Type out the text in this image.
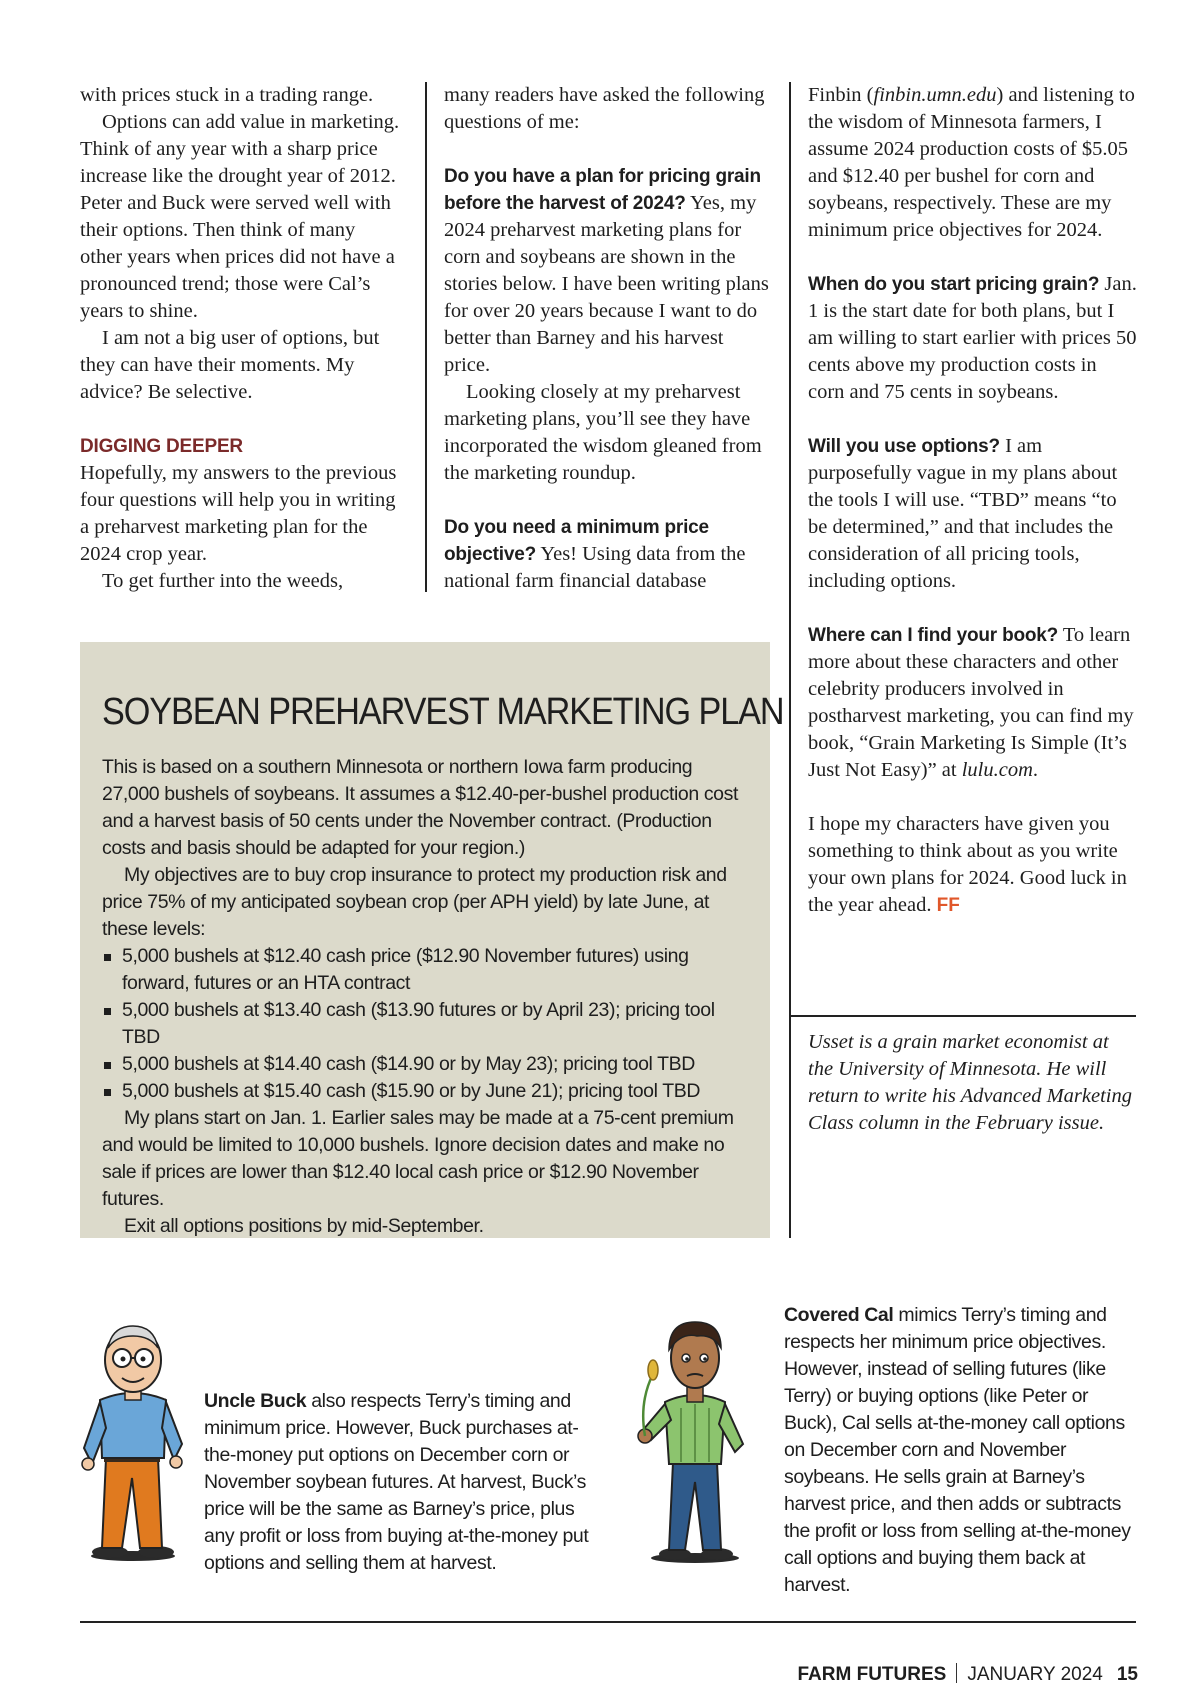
with prices stuck in a trading range.

Options can add value in marketing. Think of any year with a sharp price increase like the drought year of 2012. Peter and Buck were served well with their options. Then think of many other years when prices did not have a pronounced trend; those were Cal’s years to shine.

I am not a big user of options, but they can have their moments. My advice? Be selective.

DIGGING DEEPER

Hopefully, my answers to the previous four questions will help you in writing a preharvest marketing plan for the 2024 crop year.

To get further into the weeds,

many readers have asked the following questions of me:

Do you have a plan for pricing grain before the harvest of 2024? Yes, my 2024 preharvest marketing plans for corn and soybeans are shown in the stories below. I have been writing plans for over 20 years because I want to do better than Barney and his harvest price.

Looking closely at my preharvest marketing plans, you’ll see they have incorporated the wisdom gleaned from the marketing roundup.

Do you need a minimum price objective? Yes! Using data from the national farm financial database

Finbin (finbin.umn.edu) and listening to the wisdom of Minnesota farmers, I assume 2024 production costs of $5.05 and $12.40 per bushel for corn and soybeans, respectively. These are my minimum price objectives for 2024.

When do you start pricing grain? Jan. 1 is the start date for both plans, but I am willing to start earlier with prices 50 cents above my production costs in corn and 75 cents in soybeans.

Will you use options? I am purposefully vague in my plans about the tools I will use. “TBD” means “to be determined,” and that includes the consideration of all pricing tools, including options.

Where can I find your book? To learn more about these characters and other celebrity producers involved in postharvest marketing, you can find my book, “Grain Marketing Is Simple (It’s Just Not Easy)” at lulu.com.

I hope my characters have given you something to think about as you write your own plans for 2024. Good luck in the year ahead. FF

Usset is a grain market economist at the University of Minnesota. He will return to write his Advanced Marketing Class column in the February issue.
SOYBEAN PREHARVEST MARKETING PLAN

This is based on a southern Minnesota or northern Iowa farm producing 27,000 bushels of soybeans. It assumes a $12.40-per-bushel production cost and a harvest basis of 50 cents under the November contract. (Production costs and basis should be adapted for your region.)

My objectives are to buy crop insurance to protect my production risk and price 75% of my anticipated soybean crop (per APH yield) by late June, at these levels:

5,000 bushels at $12.40 cash price ($12.90 November futures) using forward, futures or an HTA contract
5,000 bushels at $13.40 cash ($13.90 futures or by April 23); pricing tool TBD
5,000 bushels at $14.40 cash ($14.90 or by May 23); pricing tool TBD
5,000 bushels at $15.40 cash ($15.90 or by June 21); pricing tool TBD

My plans start on Jan. 1. Earlier sales may be made at a 75-cent premium and would be limited to 10,000 bushels. Ignore decision dates and make no sale if prices are lower than $12.40 local cash price or $12.90 November futures.

Exit all options positions by mid-September.

Uncle Buck also respects Terry’s timing and minimum price. However, Buck purchases at-the-money put options on December corn or November soybean futures. At harvest, Buck’s price will be the same as Barney’s price, plus any profit or loss from buying at-the-money put options and selling them at harvest.
Covered Cal mimics Terry’s timing and respects her minimum price objectives. However, instead of selling futures (like Terry) or buying options (like Peter or Buck), Cal sells at-the-money call options on December corn and November soybeans. He sells grain at Barney’s harvest price, and then adds or subtracts the profit or loss from selling at-the-money call options and buying them back at harvest.
FARM FUTURES JANUARY 2024 15
